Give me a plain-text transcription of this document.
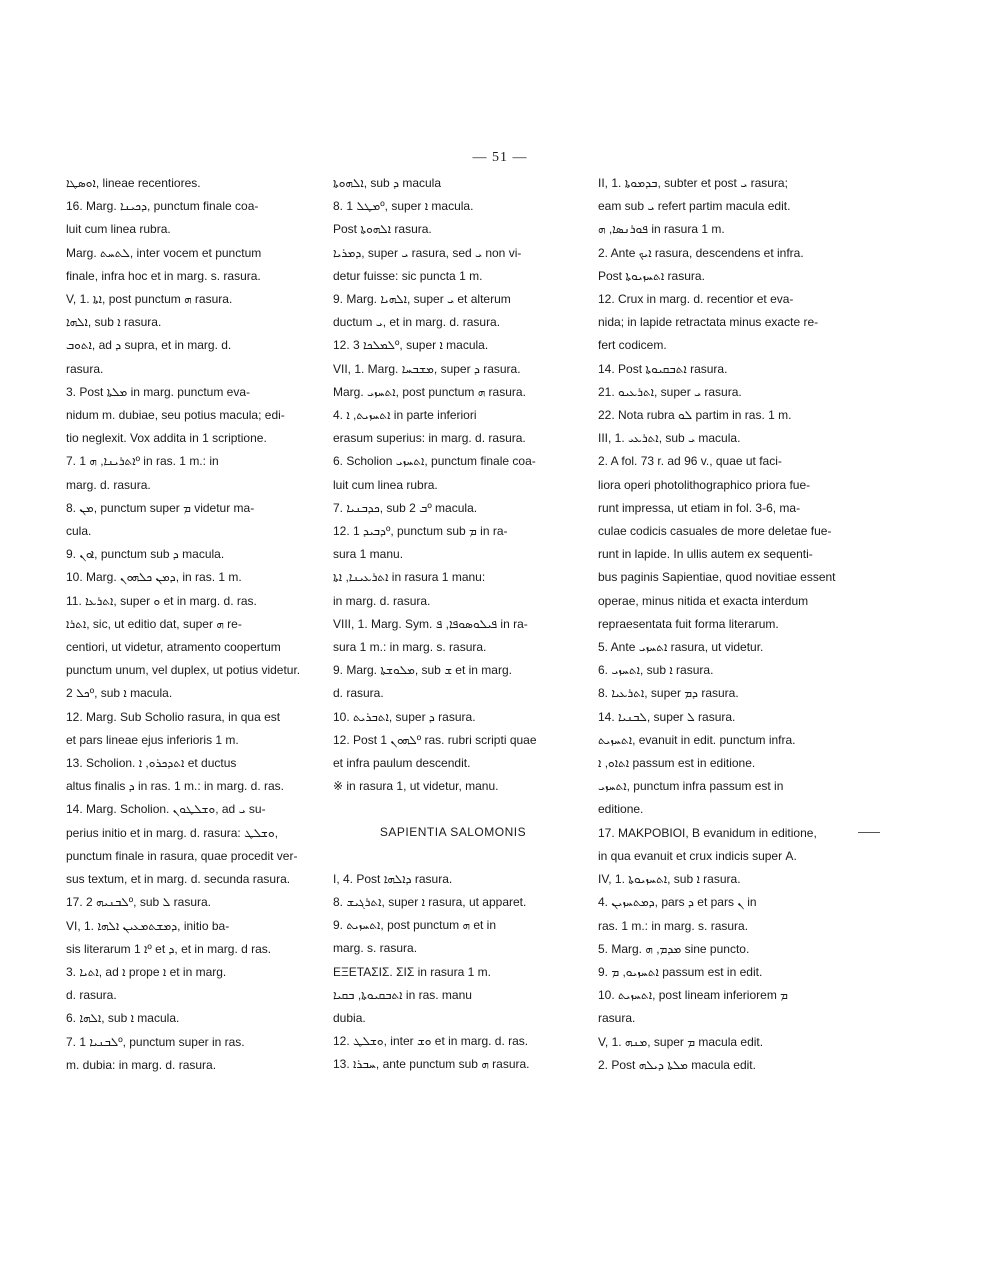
— 51 —

ܐܘܣܛܐ, lineae recentiores.

16. Marg. ܕܟܝܢܐ, punctum finale coa-

luit cum linea rubra.

Marg. ܠܬܚܬ, inter vocem et punctum

finale, infra hoc et in marg. s. rasura.

V, 1. ܐܬܐ, post punctum ܗ rasura.

ܐܠܗܐ, sub ܐ rasura.

ܐܬܘܒ, ad ܕ supra, et in marg. d.

rasura.

3. Post ܡܠܬܐ in marg. punctum eva-

nidum m. dubiae, seu potius macula; edi-

tio neglexit. Vox addita in 1 scriptione.

7. ܐܬܪܝܢܐ, ܗ 1º in ras. 1 m.: in

marg. d. rasura.

8. ܡܢ, punctum super ܡ videtur ma-

cula.

9. ܐܘܢ, punctum sub ܕ macula.

10. Marg. ܕܡܢ ܟܠܗܘܢ, in ras. 1 m.

11. ܐܬܪܥܐ, super ܘ et in marg. d. ras.

ܐܬܪܐ, sic, ut editio dat, super ܗ re-

centiori, ut videtur, atramento coopertum

punctum unum, vel duplex, ut potius videtur.

ܟܠ 2º, sub ܐ macula.

12. Marg. Sub Scholio rasura, in qua est

et pars lineae ejus inferioris 1 m.

13. Scholion. ܐܬܕܟܪܘ, ܐ et ductus

altus finalis ܕ in ras. 1 m.: in marg. d. ras.

14. Marg. Scholion. ܘܫܠܛܘܢ, ad ܝ su-

perius initio et in marg. d. rasura: ܘܫܠܛ,

punctum finale in rasura, quae procedit ver-

sus textum, et in marg. d. secunda rasura.

17. ܠܒܢܝܗ 2º, sub ܠ rasura.

VI, 1. ܕܡܫܬܡܥܝܢ ܐܠܗܐ, initio ba-

sis literarum ܐ 1º et ܕ, et in marg. d ras.

3. ܐܬܝܐ, ad ܐ prope ܐ et in marg.

d. rasura.

6. ܐܠܗܐ, sub ܐ macula.

7. ܠܒܢܝܐ 1º, punctum super in ras.

m. dubia: in marg. d. rasura.

ܐܠܗܘܬܐ, sub ܕ macula

8. ܡܛܠ 1º, super ܐ macula.

Post ܐܠܗܘܬܐ rasura.

ܕܡܪܝܐ, super ܝ rasura, sed ܝ non vi-

detur fuisse: sic puncta 1 m.

9. Marg. ܐܠܗܝܐ, super ܝ et alterum

ductum ܝ, et in marg. d. rasura.

12. ܠܡܠܟܐ 3º, super ܐ macula.

VII, 1. Marg. ܡܫܒܚܐ, super ܕ rasura.

Marg. ܐܬܚܙܝ, post punctum ܗ rasura.

4. ܐܬܚܙܝܬ, ܐ in parte inferiori

erasum superius: in marg. d. rasura.

6. Scholion ܐܬܚܙܝ, punctum finale coa-

luit cum linea rubra.

7. ܟܕܒܢܝܐ, sub ܒ 2º macula.

12. ܕܒܝܕ 1º, punctum sub ܡ in ra-

sura 1 manu.

ܐܬܪܥܝܢܐ, ܐܬܐ in rasura 1 manu:

in marg. d. rasura.

VIII, 1. Marg. Sym. ܦܝܠܘܣܘܦܐ, ܦ in ra-

sura 1 m.: in marg. s. rasura.

9. Marg. ܡܠܘܫܬܐ, sub ܫ et in marg.

d. rasura.

10. ܐܬܒܪܝܬ, super ܕ rasura.

12. Post ܠܗܘܢ 1º ras. rubri scripti quae

et infra paulum descendit.

※ in rasura 1, ut videtur, manu.

SAPIENTIA SALOMONIS

I, 4. Post ܕܐܠܗܐ rasura.

8. ܐܬܪܓܝܫ, super ܐ rasura, ut apparet.

9. ܐܬܚܙܝܬ, post punctum ܗ et in

marg. s. rasura.

ΕΞΕΤΑΣΙΣ. ΣΙΣ in rasura 1 m.

ܐܬܒܩܝܘܬܐ, ܒܩܝܐ in ras. manu

dubia.

12. ܘܫܠܛ, inter ܘܫ et in marg. d. ras.

13. ܚܒܪܐ, ante punctum sub ܗ rasura.

II, 1. ܒܕܡܘܬܐ, subter et post ܝ rasura;

eam sub ܝ refert partim macula edit.

ܦܘܪܢܣܐ, ܗ in rasura 1 m.

2. Ante ܐܝܟ rasura, descendens et infra.

Post ܐܬܚܙܝܘܬܐ rasura.

12. Crux in marg. d. recentior et eva-

nida; in lapide retractata minus exacte re-

fert codicem.

14. Post ܐܬܒܩܝܘܬܐ rasura.

21. ܐܬܪܥܝܘ, super ܝ rasura.

22. Nota rubra ܠܘ partim in ras. 1 m.

III, 1. ܐܬܪܥܝ, sub ܝ macula.

2. A fol. 73 r. ad 96 v., quae ut faci-

liora operi photolithographico priora fue-

runt impressa, ut etiam in fol. 3-6, ma-

culae codicis casuales de more deletae fue-

runt in lapide. In ullis autem ex sequenti-

bus paginis Sapientiae, quod novitiae essent

operae, minus nitida et exacta interdum

repraesentata fuit forma literarum.

5. Ante ܐܬܚܙܝ rasura, ut videtur.

6. ܐܬܚܙܝ, sub ܐ rasura.

8. ܐܬܪܥܝܐ, super ܕܡ rasura.

14. ܠܒܢܝܐ, super ܠ rasura.

ܐܬܚܙܝܬ, evanuit in edit. punctum infra.

ܐܬܐܘ, ܐ passum est in editione.

ܐܬܚܙܝ, punctum infra passum est in

editione.

17. ΜΑΚΡΟΒΙΟΙ, Β evanidum in editione,

in qua evanuit et crux indicis super Α.

IV, 1. ܐܬܚܙܝܘܬܐ, sub ܐ rasura.

4. ܕܡܬܚܙܝܢ, pars ܕ et pars ܢ in

ras. 1 m.: in marg. s. rasura.

5. Marg. ܡܕܡ, ܗ sine puncto.

9. ܐܬܚܙܝܘ, ܡ passum est in edit.

10. ܐܬܚܙܝܬ, post lineam inferiorem ܡ

rasura.

V, 1. ܡܢܗ, super ܡ macula edit.

2. Post ܡܠܬܐ ܕܝܠܗ macula edit.
